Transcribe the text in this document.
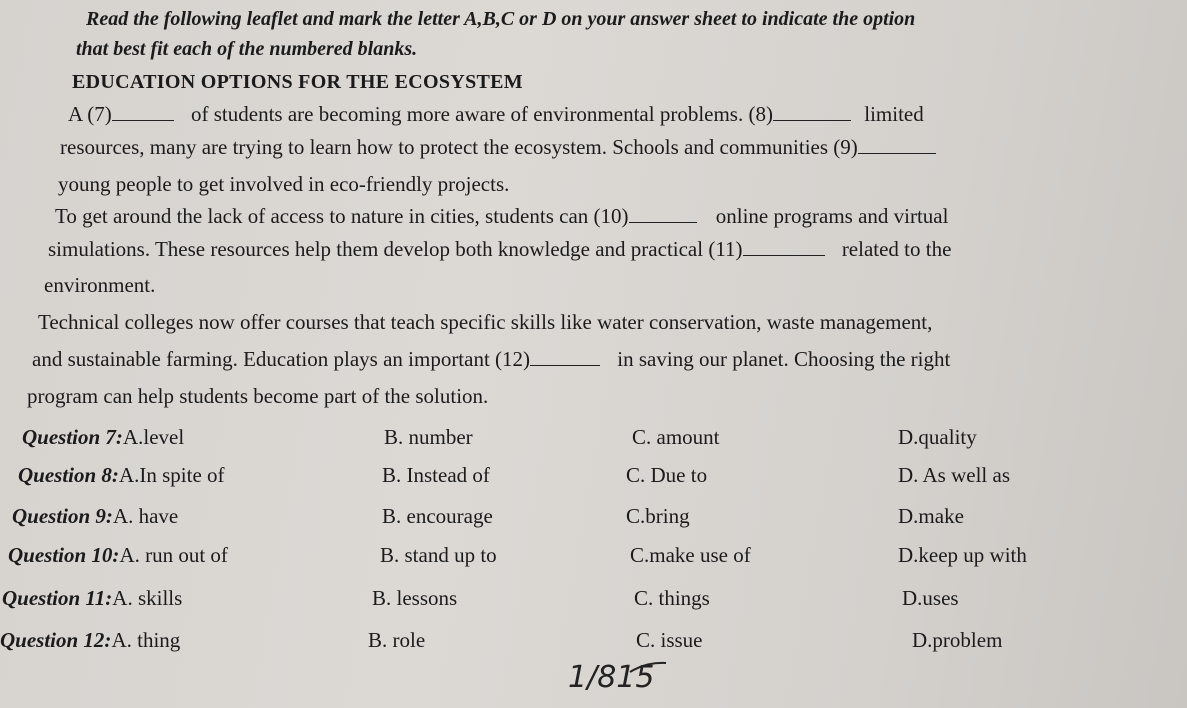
Read the following leaflet and mark the letter A,B,C or D on your answer sheet to indicate the option
that best fit each of the numbered blanks.
EDUCATION OPTIONS FOR THE ECOSYSTEM
A (7)	of students are becoming more aware of environmental problems. (8)	limited
resources, many are trying to learn how to protect the ecosystem. Schools and communities (9)
young people to get involved in eco-friendly projects.
To get around the lack of access to nature in cities, students can (10)	online programs and virtual
simulations. These resources help them develop both knowledge and practical (11)	related to the
environment.
Technical colleges now offer courses that teach specific skills like water conservation, waste management,
and sustainable farming. Education plays an important (12)	in saving our planet. Choosing the right
program can help students become part of the solution.
Question 7:A.level	B. number	C. amount	D.quality
Question 8:A.In spite of	B. Instead of	C. Due to	D. As well as
Question 9:A. have	B. encourage	C.bring	D.make
Question 10:A. run out of	B. stand up to	C.make use of	D.keep up with
Question 11:A. skills	B. lessons	C. things	D.uses
Question 12:A. thing	B. role	C. issue	D.problem
1/815
